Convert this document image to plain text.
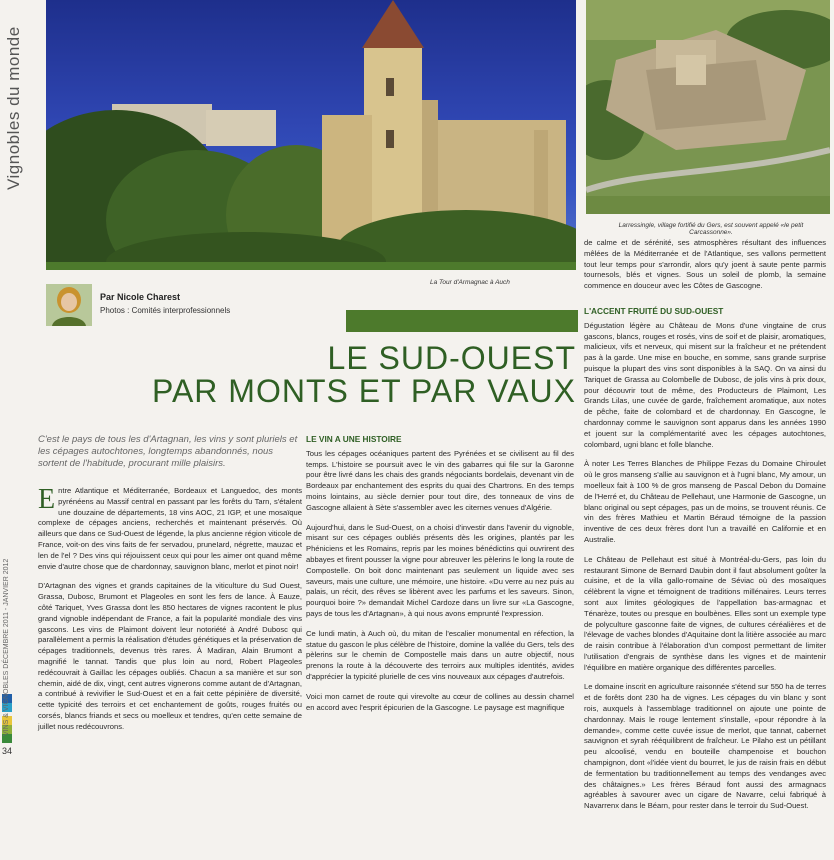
Vignobles du monde
VINS & VIGNOBLES DÉCEMBRE 2011 - JANVIER 2012
34
La Tour d'Armagnac à Auch
Larressingle, village fortifié du Gers, est souvent appelé «le petit Carcassonne».
Par Nicole Charest
Photos : Comités interprofessionnels
LE SUD-OUEST
PAR MONTS ET PAR VAUX
C'est le pays de tous les d'Artagnan, les vins y sont pluriels et les cépages autochtones, longtemps abandonnés, nous sortent de l'habitude, procurant mille plaisirs.

Entre Atlantique et Méditerranée, Bordeaux et Languedoc, des monts pyrénéens au Massif central en passant par les forêts du Tarn, s'étalent une douzaine de départements, 18 vins AOC, 21 IGP, et une mosaïque complexe de cépages anciens, recherchés et maintenant préservés. Où ailleurs que dans ce Sud-Ouest de légende, la plus ancienne région viticole de France, voit-on des vins faits de fer servadou, pruneIard, négrette, mauzac et len de l'el ? Des vins qui réjouissent ceux qui pour les aimer ont quand même envie d'autre chose que de chardonnay, sauvignon blanc, merlot et pinot noir!

D'Artagnan des vignes et grands capitaines de la viticulture du Sud Ouest, Grassa, Dubosc, Brumont et Plageoles en sont les fers de lance. À Eauze, côté Tariquet, Yves Grassa dont les 850 hectares de vignes racontent le plus grand vignoble indépendant de France, a fait la popularité mondiale des vins gascons. Les vins de Plaimont doivent leur notoriété à André Dubosc qui parallèlement a permis la réalisation d'études génétiques et la préservation de cépages traditionnels, devenus très rares. À Madiran, Alain Brumont a magnifié le tannat. Tandis que plus loin au nord, Robert Plageoles redécouvrait à Gaillac les cépages oubliés. Chacun a sa manière et sur son chemin, aidé de dix, vingt, cent autres vignerons comme autant de d'Artagnan, a contribué à revivifier le Sud-Ouest et en a fait cette pépinière de diversité, cette typicité des terroirs et cet enchantement de goûts, rouges fruités ou corsés, blancs friands et secs ou moelleux et tendres, qu'en cette semaine de juillet nous redécouvrons.

LE VIN A UNE HISTOIRE

Tous les cépages océaniques partent des Pyrénées et se civilisent au fil des temps. L'histoire se poursuit avec le vin des gabarres qui file sur la Garonne pour être livré dans les chais des grands négociants bordelais, devenant vin de Bordeaux par enchantement des esprits du quai des Chartrons. En des temps moins lointains, au siècle dernier pour tout dire, des tonneaux de vins de Gascogne allaient à Sète s'assembler avec les citernes venues d'Algérie.

Aujourd'hui, dans le Sud-Ouest, on a choisi d'investir dans l'avenir du vignoble, misant sur ces cépages oubliés présents dès les origines, plantés par les Phéniciens et les Romains, repris par les moines bénédictins qui ouvrirent des abbayes et firent pousser la vigne pour abreuver les pèlerins le long la route de Compostelle. On boit donc maintenant pas seulement un liquide avec ses saveurs, mais une culture, une mémoire, une histoire. «Du verre au nez puis au palais, un récit, des rêves se libèrent avec les parfums et les saveurs. Sinon, pourquoi boire ?» demandait Michel Cardoze dans un livre sur «La Gascogne, pays de tous les d'Artagnan», à qui nous avons emprunté l'expression.

Ce lundi matin, à Auch où, du mitan de l'escalier monumental en réfection, la statue du gascon le plus célèbre de l'histoire, domine la vallée du Gers, tels des pèlerins sur le chemin de Compostelle mais dans un autre objectif, nous prenons la route à la découverte des terroirs aux multiples identités, avides d'apprécier la typicité plurielle de ces vins nouveaux aux cépages d'autrefois.

Voici mon carnet de route qui virevolte au cœur de collines au dessin charnel en accord avec l'esprit épicurien de la Gascogne. Le paysage est magnifique

de calme et de sérénité, ses atmosphères résultant des influences mêlées de la Méditerranée et de l'Atlantique, ses vallons permettent tout leur temps pour s'arrondir, alors qu'y joent à saute pente parmis tournesols, blés et vignes. Sous un soleil de plomb, la semaine commence en douceur avec les Côtes de Gascogne.

L'ACCENT FRUITÉ DU SUD-OUEST

Dégustation légère au Château de Mons d'une vingtaine de crus gascons, blancs, rouges et rosés, vins de soif et de plaisir, aromatiques, malicieux, vifs et nerveux, qui misent sur la fraîcheur et ne prétendent pas à la garde. Une mise en bouche, en somme, sans grande surprise puisque la plupart des vins sont disponibles à la SAQ. On va ainsi du Tariquet de Grassa au Colombelle de Dubosc, de jolis vins à prix doux, pour découvrir tout de même, des Producteurs de Plaimont, Les Grands Lilas, une cuvée de garde, fraîchement aromatique, aux notes de pêche, faite de colombard et de chardonnay. En Gascogne, le chardonnay comme le sauvignon sont apparus dans les années 1990 et jouent sur la complémentarité avec les cépages autochtones, colombard, ugni blanc et folle blanche.

À noter Les Terres Blanches de Philippe Fezas du Domaine Chiroulet où le gros manseng s'allie au sauvignon et à l'ugni blanc, My amour, un moelleux fait à 100 % de gros manseng de Pascal Debon du Domaine de l'Herré et, du Château de Pellehaut, une Harmonie de Gascogne, un blanc original ou sept cépages, pas un de moins, se trouvent réunis. Ce vin des frères Mathieu et Martin Béraud témoigne de la passion inventive de ces deux frères dont l'un a travaillé en Californie et en Australie.

Le Château de Pellehaut est situé à Montréal-du-Gers, pas loin du restaurant Simone de Bernard Daubin dont il faut absolument goûter la cuisine, et de la villa gallo-romaine de Séviac où des mosaïques célèbrent la vigne et témoignent de traditions millénaires. Leurs terres sont aux limites géologiques de l'appellation bas-armagnac et Ténarèze, toutes ou presque en boulbènes. Elles sont un exemple type de polyculture gasconne faite de vignes, de cultures céréalières et de l'élevage de vaches blondes d'Aquitaine dont la litière associée au marc de raisin contribue à l'élaboration d'un compost permettant de limiter l'utilisation d'engrais de synthèse dans les vignes et de maintenir l'équilibre en matière organique des différentes parcelles.

Le domaine inscrit en agriculture raisonnée s'étend sur 550 ha de terres et de forêts dont 230 ha de vignes. Les cépages du vin blanc y sont rois, auxquels à l'assemblage traditionnel on ajoute une pointe de chardonnay. Mais le rouge lentement s'installe, «pour répondre à la demande», comme cette cuvée issue de merlot, que tannat, cabernet sauvignon et syrah rééquilibrent de fraîcheur. Le Pilaho est un pétillant peu alcoolisé, vendu en bouteille champenoise et bouchon champignon, dont «l'idée vient du bourret, le jus de raisin frais en début de fermentation bu traditionnellement au temps des vendanges avec des châtaignes.» Les frères Béraud font aussi des armagnacs agréables à savourer avec un cigare de Navarre, celui fabriqué à Navarrenx dans le Béarn, pour rester dans le terroir du Sud-Ouest.
